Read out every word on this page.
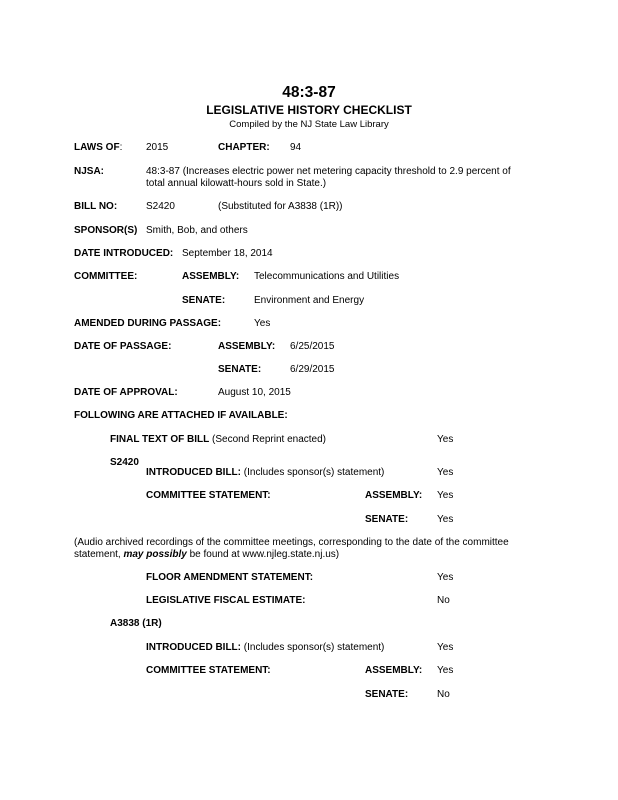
48:3-87
LEGISLATIVE HISTORY CHECKLIST
Compiled by the NJ State Law Library
LAWS OF: 2015	CHAPTER: 94
NJSA:	48:3-87 (Increases electric power net metering capacity threshold to 2.9 percent of total annual kilowatt-hours sold in State.)
BILL NO:	S2420	(Substituted for A3838 (1R))
SPONSOR(S) Smith, Bob, and others
DATE INTRODUCED: September 18, 2014
COMMITTEE:	ASSEMBLY: Telecommunications and Utilities
SENATE:	Environment and Energy
AMENDED DURING PASSAGE:	Yes
DATE OF PASSAGE:	ASSEMBLY: 6/25/2015
SENATE:	6/29/2015
DATE OF APPROVAL:	August 10, 2015
FOLLOWING ARE ATTACHED IF AVAILABLE:
FINAL TEXT OF BILL (Second Reprint enacted)	Yes
S2420
INTRODUCED BILL: (Includes sponsor(s) statement)	Yes
COMMITTEE STATEMENT:	ASSEMBLY: Yes
SENATE:	Yes
(Audio archived recordings of the committee meetings, corresponding to the date of the committee statement, may possibly be found at www.njleg.state.nj.us)
FLOOR AMENDMENT STATEMENT:	Yes
LEGISLATIVE FISCAL ESTIMATE:	No
A3838 (1R)
INTRODUCED BILL: (Includes sponsor(s) statement)	Yes
COMMITTEE STATEMENT:	ASSEMBLY: Yes
SENATE:	No
